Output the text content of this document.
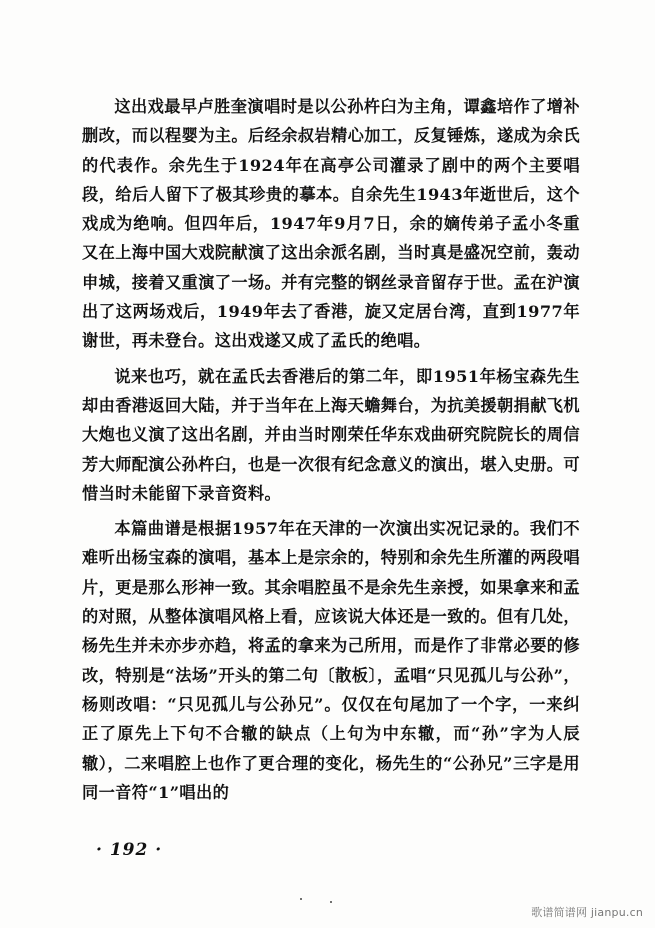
这出戏最早卢胜奎演唱时是以公孙杵臼为主角，谭鑫培作了增补删改，而以程婴为主。后经余叔岩精心加工，反复锤炼，遂成为余氏的代表作。余先生于1924年在高亭公司灌录了剧中的两个主要唱段，给后人留下了极其珍贵的摹本。自余先生1943年逝世后，这个戏成为绝响。但四年后，1947年9月7日，余的嫡传弟子孟小冬重又在上海中国大戏院献演了这出余派名剧，当时真是盛况空前，轰动申城，接着又重演了一场。并有完整的钢丝录音留存于世。孟在沪演出了这两场戏后，1949年去了香港，旋又定居台湾，直到1977年谢世，再未登台。这出戏遂又成了孟氏的绝唱。

说来也巧，就在孟氏去香港后的第二年，即1951年杨宝森先生却由香港返回大陆，并于当年在上海天蟾舞台，为抗美援朝捐献飞机大炮也义演了这出名剧，并由当时刚荣任华东戏曲研究院院长的周信芳大师配演公孙杵臼，也是一次很有纪念意义的演出，堪入史册。可惜当时未能留下录音资料。

本篇曲谱是根据1957年在天津的一次演出实况记录的。我们不难听出杨宝森的演唱，基本上是宗余的，特别和余先生所灌的两段唱片，更是那么形神一致。其余唱腔虽不是余先生亲授，如果拿来和孟的对照，从整体演唱风格上看，应该说大体还是一致的。但有几处，杨先生并未亦步亦趋，将孟的拿来为己所用，而是作了非常必要的修改，特别是“法场”开头的第二句〔散板〕，孟唱“只见孤儿与公孙”，杨则改唱：“只见孤儿与公孙兄”。仅仅在句尾加了一个字，一来纠正了原先上下句不合辙的缺点（上句为中东辙，而“孙”字为人辰辙），二来唱腔上也作了更合理的变化，杨先生的“公孙兄”三字是用同一音符“1”唱出的

· 192 ·
歌谱简谱网 jianpu.cn
